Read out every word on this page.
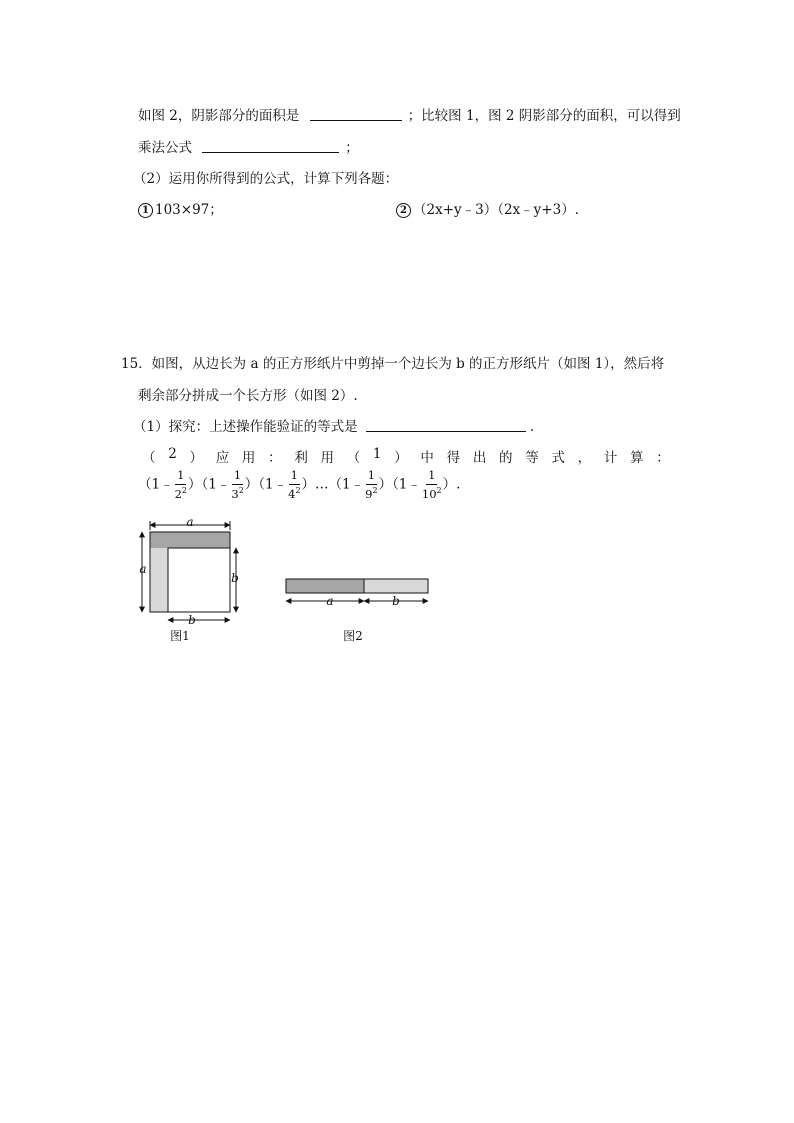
如图 2，阴影部分的面积是	；比较图 1，图 2 阴影部分的面积，可以得到
乘法公式	；
（2）运用你所得到的公式，计算下列各题：
1 103×97；	2 （2x+y﹣3）（2x﹣y+3）.
15．如图，从边长为 a 的正方形纸片中剪掉一个边长为 b 的正方形纸片（如图 1），然后将
剩余部分拼成一个长方形（如图 2）.
（1）探究：上述操作能验证的等式是	.
（ 2 ） 应 用 ： 利 用 （ 1 ） 中 得 出 的 等 式 ， 计 算 ：
（1﹣ $\frac{1}{2^2}$ ）（1﹣ $\frac{1}{3^2}$ ）（1﹣ $\frac{1}{4^2}$ ）…（1﹣ $\frac{1}{9^2}$ ）（1﹣ $\frac{1}{10^2}$ ）.
a
a
b
b
图1
a	b
图2
